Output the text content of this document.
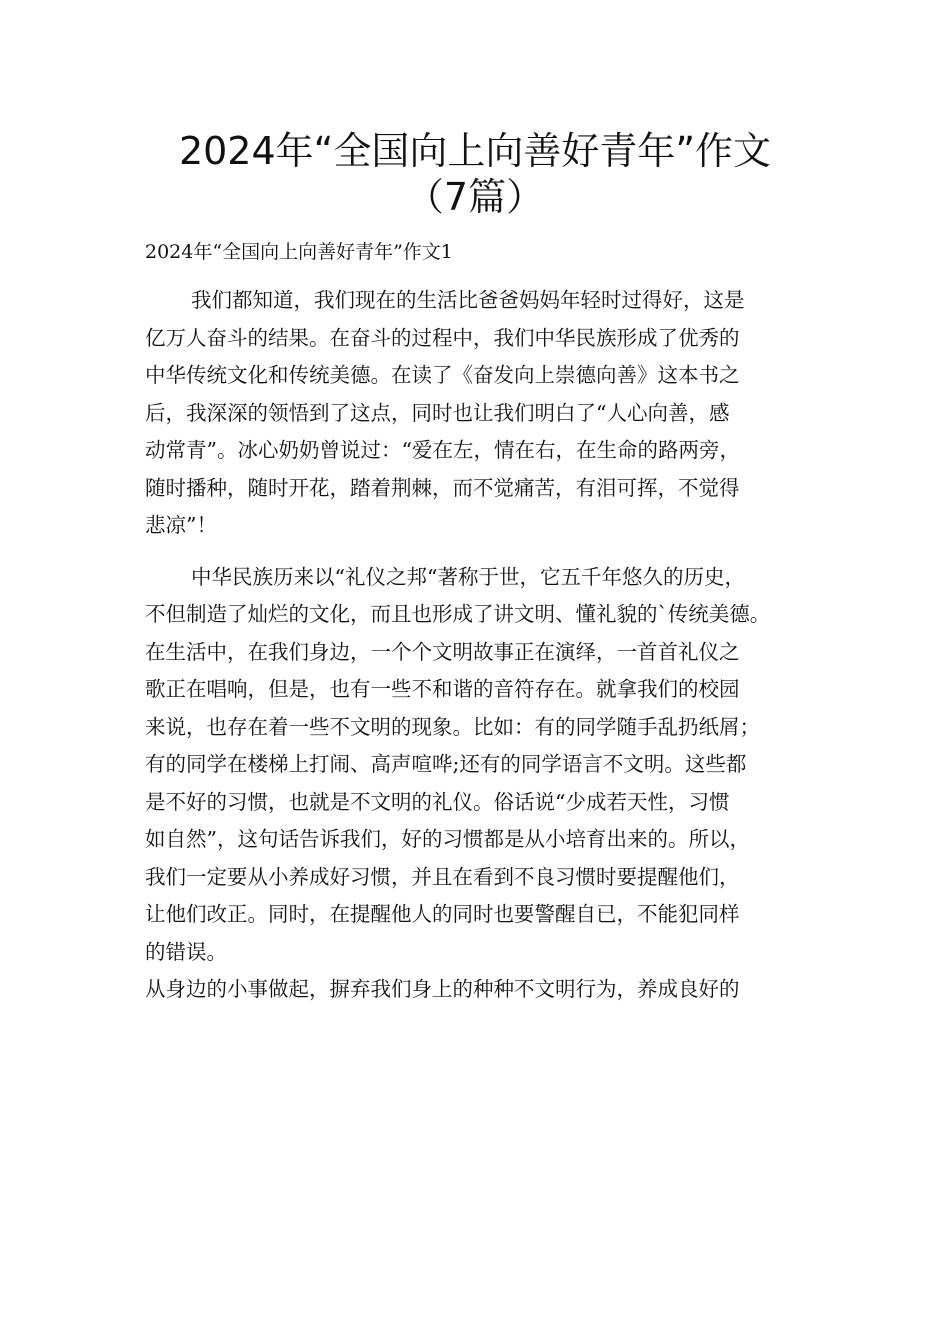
2024年“全国向上向善好青年”作文
（7篇）
2024年“全国向上向善好青年”作文1
我们都知道，我们现在的生活比爸爸妈妈年轻时过得好，这是
亿万人奋斗的结果。在奋斗的过程中，我们中华民族形成了优秀的
中华传统文化和传统美德。在读了《奋发向上崇德向善》这本书之
后，我深深的领悟到了这点，同时也让我们明白了“人心向善，感
动常青”。冰心奶奶曾说过：“爱在左，情在右，在生命的路两旁，
随时播种，随时开花，踏着荆棘，而不觉痛苦，有泪可挥，不觉得
悲凉”！
中华民族历来以“礼仪之邦“著称于世，它五千年悠久的历史，
不但制造了灿烂的文化，而且也形成了讲文明、懂礼貌的`传统美德。
在生活中，在我们身边，一个个文明故事正在演绎，一首首礼仪之
歌正在唱响，但是，也有一些不和谐的音符存在。就拿我们的校园
来说，也存在着一些不文明的现象。比如：有的同学随手乱扔纸屑；
有的同学在楼梯上打闹、高声喧哗;还有的同学语言不文明。这些都
是不好的习惯，也就是不文明的礼仪。俗话说“少成若天性，习惯
如自然”，这句话告诉我们，好的习惯都是从小培育出来的。所以，
我们一定要从小养成好习惯，并且在看到不良习惯时要提醒他们，
让他们改正。同时，在提醒他人的同时也要警醒自已，不能犯同样
的错误。
从身边的小事做起，摒弃我们身上的种种不文明行为，养成良好的
